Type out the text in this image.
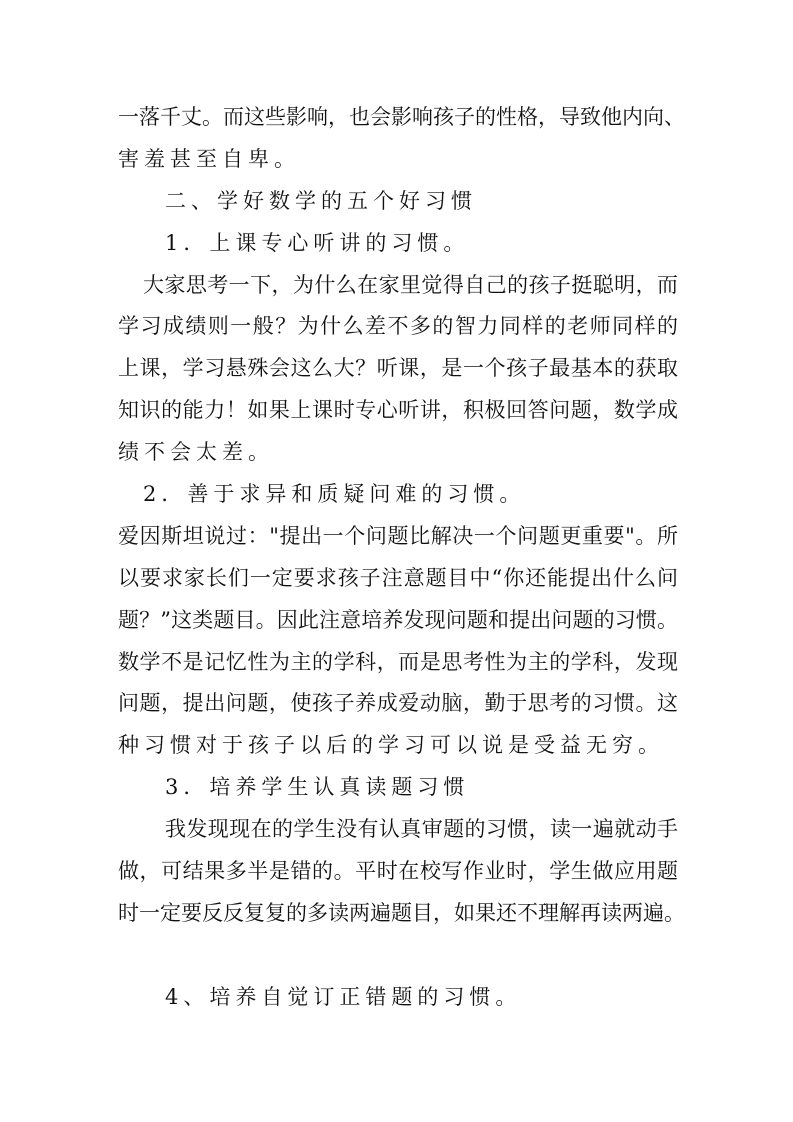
一落千丈。而这些影响，也会影响孩子的性格，导致他内向、
害羞甚至自卑。
二、学好数学的五个好习惯
1．上课专心听讲的习惯。
大家思考一下，为什么在家里觉得自己的孩子挺聪明，而
学习成绩则一般？为什么差不多的智力同样的老师同样的
上课，学习悬殊会这么大？听课，是一个孩子最基本的获取
知识的能力！如果上课时专心听讲，积极回答问题，数学成
绩不会太差。
2．善于求异和质疑问难的习惯。
爱因斯坦说过："提出一个问题比解决一个问题更重要"。所
以要求家长们一定要求孩子注意题目中“你还能提出什么问
题？”这类题目。因此注意培养发现问题和提出问题的习惯。
数学不是记忆性为主的学科，而是思考性为主的学科，发现
问题，提出问题，使孩子养成爱动脑，勤于思考的习惯。这
种习惯对于孩子以后的学习可以说是受益无穷。
3．培养学生认真读题习惯
我发现现在的学生没有认真审题的习惯，读一遍就动手
做，可结果多半是错的。平时在校写作业时，学生做应用题
时一定要反反复复的多读两遍题目，如果还不理解再读两遍。
4、培养自觉订正错题的习惯。
